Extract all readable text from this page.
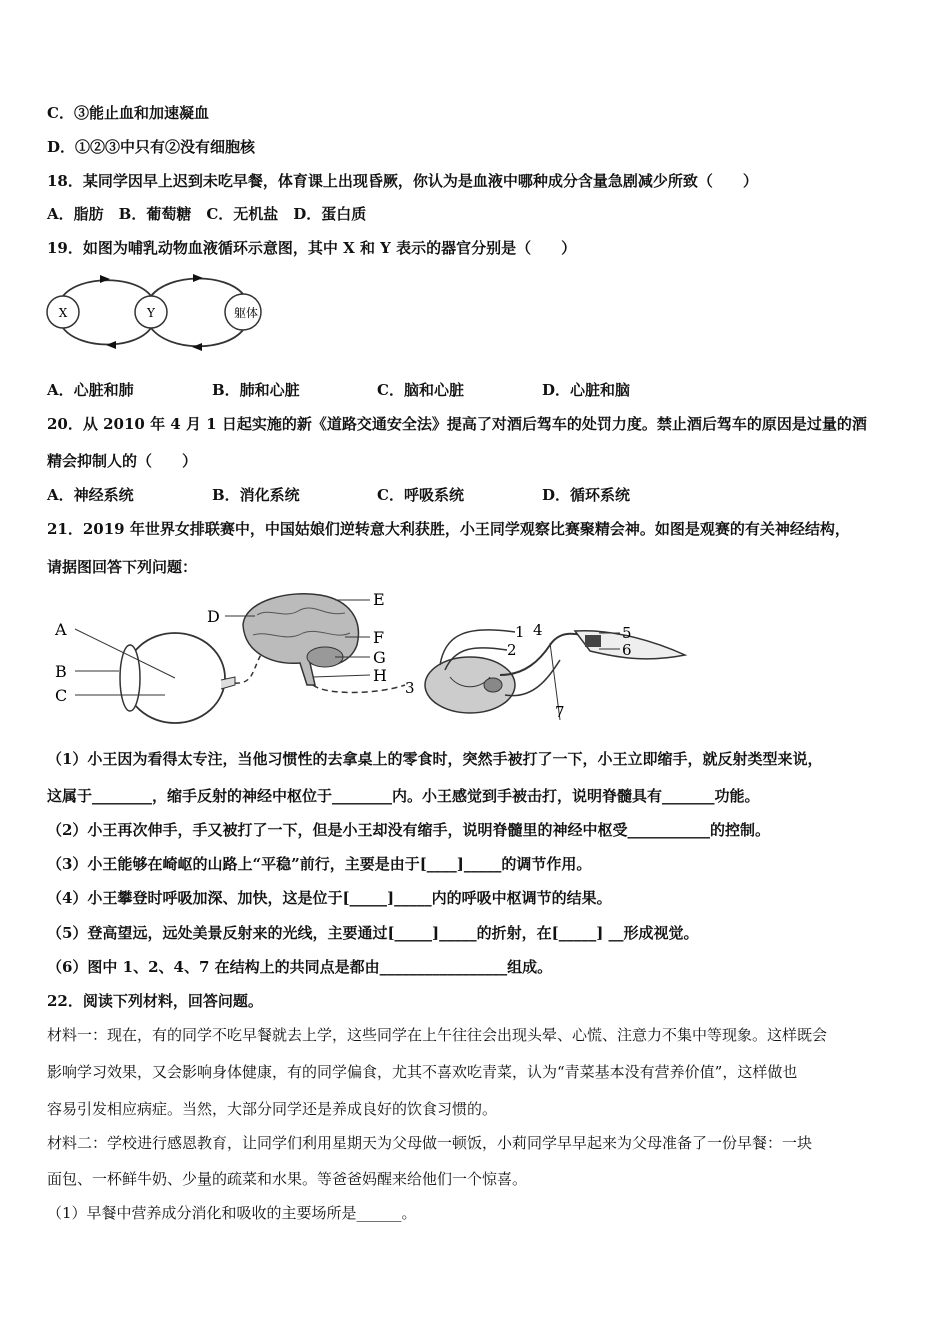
C．③能止血和加速凝血
D．①②③中只有②没有细胞核
18．某同学因早上迟到未吃早餐，体育课上出现昏厥，你认为是血液中哪种成分含量急剧减少所致（　　）
A．脂肪　B．葡萄糖　C．无机盐　D．蛋白质
19．如图为哺乳动物血液循环示意图，其中 X 和 Y 表示的器官分别是（　　）
X	Y	躯体
A．心脏和肺	B．肺和心脏	C．脑和心脏	D．心脏和脑
20．从 2010 年 4 月 1 日起实施的新《道路交通安全法》提高了对酒后驾车的处罚力度。禁止酒后驾车的原因是过量的酒
精会抑制人的（　　）
A．神经系统	B．消化系统	C．呼吸系统	D．循环系统
21．2019 年世界女排联赛中，中国姑娘们逆转意大利获胜，小王同学观察比赛聚精会神。如图是观赛的有关神经结构，
请据图回答下列问题：
A
B
C
D
E
F
G
H
1
2
3
4	5
6
7
（1）小王因为看得太专注，当他习惯性的去拿桌上的零食时，突然手被打了一下，小王立即缩手，就反射类型来说，
这属于________，缩手反射的神经中枢位于________内。小王感觉到手被击打，说明脊髓具有_______功能。
（2）小王再次伸手，手又被打了一下，但是小王却没有缩手，说明脊髓里的神经中枢受___________的控制。
（3）小王能够在崎岖的山路上“平稳”前行，主要是由于[____]_____的调节作用。
（4）小王攀登时呼吸加深、加快，这是位于[_____]_____内的呼吸中枢调节的结果。
（5）登高望远，远处美景反射来的光线，主要通过[_____]_____的折射，在[_____] __形成视觉。
（6）图中 1、2、4、7 在结构上的共同点是都由_________________组成。
22．阅读下列材料，回答问题。
材料一：现在，有的同学不吃早餐就去上学，这些同学在上午往往会出现头晕、心慌、注意力不集中等现象。这样既会
影响学习效果，又会影响身体健康，有的同学偏食，尤其不喜欢吃青菜，认为“青菜基本没有营养价值”，这样做也
容易引发相应病症。当然，大部分同学还是养成良好的饮食习惯的。
材料二：学校进行感恩教育，让同学们利用星期天为父母做一顿饭，小莉同学早早起来为父母准备了一份早餐：一块
面包、一杯鲜牛奶、少量的疏菜和水果。等爸爸妈醒来给他们一个惊喜。
（1）早餐中营养成分消化和吸收的主要场所是______。
